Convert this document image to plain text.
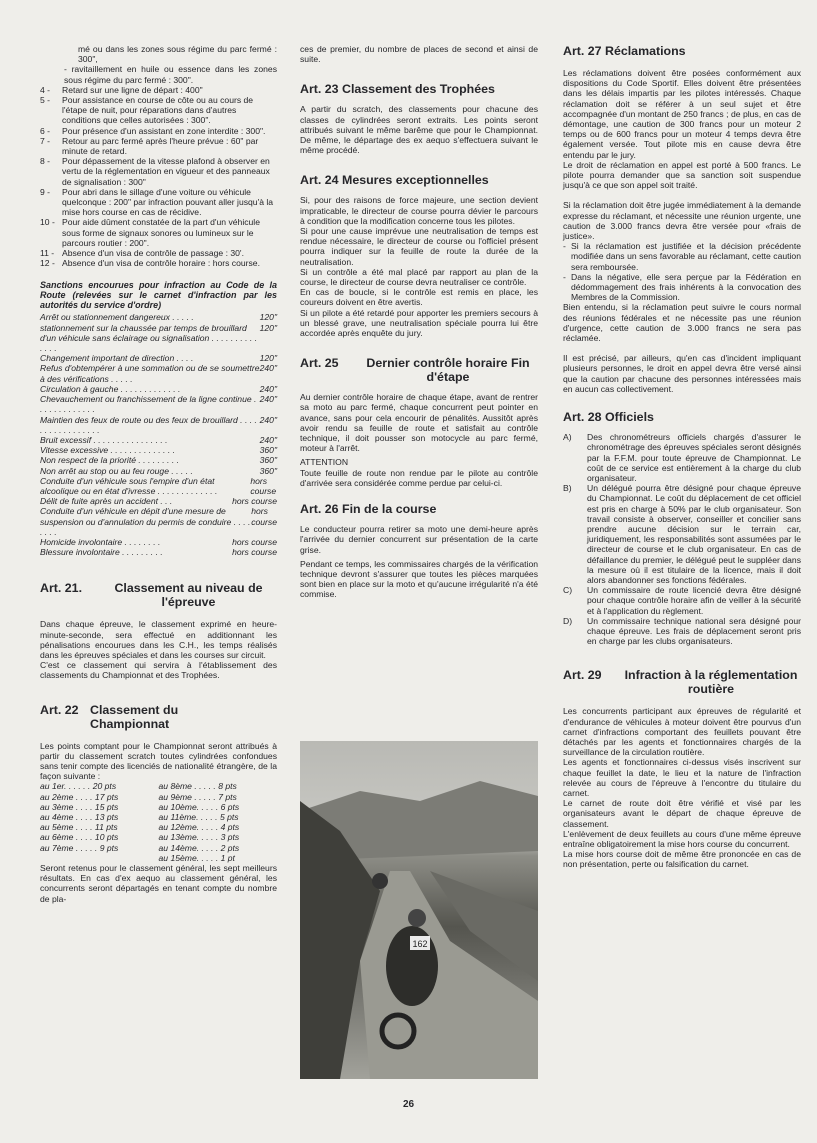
mé ou dans les zones sous régime du parc fermé : 300",

- ravitaillement en huile ou essence dans les zones sous régime du parc fermé : 300".

4 -	Retard sur une ligne de départ : 400"
5 -	Pour assistance en course de côte ou au cours de l'étape de nuit, pour réparations dans d'autres conditions que celles autorisées : 300".
6 -	Pour présence d'un assistant en zone interdite : 300".
7 -	Retour au parc fermé après l'heure prévue : 60" par minute de retard.
8 -	Pour dépassement de la vitesse plafond à observer en vertu de la réglementation en vigueur et des panneaux de signalisation : 300"
9 -	Pour abri dans le sillage d'une voiture ou véhicule quelconque : 200" par infraction pouvant aller jusqu'à la mise hors course en cas de récidive.
10 - Pour aide dûment constatée de la part d'un véhicule sous forme de signaux sonores ou lumineux sur le parcours routier : 200".
11 - Absence d'un visa de contrôle de passage : 30'.
12 - Absence d'un visa de contrôle horaire : hors course.

Sanctions encourues pour infraction au Code de la Route (relevées sur le carnet d'infraction par les autorités du service d'ordre)

Arrêt ou stationnement dangereux . . . . .	120"
stationnement sur la chaussée par temps de brouillard d'un véhicule sans éclairage ou signalisation . . . . . . . . . . . . . .
120"
Changement important de direction . . . .	120"
Refus d'obtempérer à une sommation ou de se soumettre à des vérifications . . . . .
240"
Circulation à gauche . . . . . . . . . . . . .	240"
Chevauchement ou franchissement de la ligne continue . . . . . . . . . . . . .
240"
Maintien des feux de route ou des feux de brouillard . . . . . . . . . . . . . . . . .
240"
Bruit excessif . . . . . . . . . . . . . . . .	240"
Vitesse excessive . . . . . . . . . . . . . .	360"
Non respect de la priorité . . . . . . . . .	360"
Non arrêt au stop ou au feu rouge . . . . .	360"
Conduite d'un véhicule sous l'empire d'un état alcoolique ou en état d'ivresse . . . . . . . . . . . . .
hors course
Délit de fuite après un accident . . .	hors course
Conduite d'un véhicule en dépit d'une mesure de suspension ou d'annulation du permis de conduire . . . . . . . .
hors course
Homicide involontaire . . . . . . . .	hors course
Blessure involontaire . . . . . . . . .	hors course
Art. 21.	Classement au niveau de l'épreuve

Dans chaque épreuve, le classement exprimé en heure-minute-seconde, sera effectué en additionnant les pénalisations encourues dans les C.H., les temps réalisés dans les épreuves spéciales et dans les courses sur circuit.

C'est ce classement qui servira à l'établissement des classements du Championnat et des Trophées.

Art. 22 Classement du Championnat

Les points comptant pour le Championnat seront attribués à partir du classement scratch toutes cylindrées confondues sans tenir compte des licenciés de nationalité étrangère, de la façon suivante :

au 1er. . . . . . 20 pts	au 8ème . . . . . 8 pts
au 2ème . . . . 17 pts	au 9ème . . . . . 7 pts
au 3ème . . . . 15 pts	au 10ème. . . . . 6 pts
au 4ème . . . . 13 pts	au 11ème. . . . . 5 pts
au 5ème . . . . 11 pts	au 12ème. . . . . 4 pts
au 6ème . . . . 10 pts	au 13ème. . . . . 3 pts
au 7ème . . . . . 9 pts	au 14ème. . . . . 2 pts
au 15ème. . . . . 1 pt

Seront retenus pour le classement général, les sept meilleurs résultats. En cas d'ex aequo au classement général, les concurrents seront départagés en tenant compte du nombre de pla-

ces de premier, du nombre de places de second et ainsi de suite.

Art. 23 Classement des Trophées

A partir du scratch, des classements pour chacune des classes de cylindrées seront extraits. Les points seront attribués suivant le même barême que pour le Championnat. De même, le départage des ex aequo s'effectuera suivant le même procédé.

Art. 24 Mesures exceptionnelles

Si, pour des raisons de force majeure, une section devient impraticable, le directeur de course pourra dévier le parcours à condition que la modification concerne tous les pilotes.

Si pour une cause imprévue une neutralisation de temps est rendue nécessaire, le directeur de course ou l'officiel présent pourra indiquer sur la feuille de route la durée de la neutralisation.

Si un contrôle a été mal placé par rapport au plan de la course, le directeur de course devra neutraliser ce contrôle.

En cas de boucle, si le contrôle est remis en place, les coureurs doivent en être avertis.

Si un pilote a été retardé pour apporter les premiers secours à un blessé grave, une neutralisation spéciale pourra lui être accordée après enquête du jury.

Art. 25	Dernier contrôle horaire Fin d'étape

Au dernier contrôle horaire de chaque étape, avant de rentrer sa moto au parc fermé, chaque concurrent peut pointer en avance, sans pour cela encourir de pénalités. Aussitôt après avoir rendu sa feuille de route et satisfait au contrôle technique, il doit pousser son motocycle au parc fermé, moteur à l'arrêt.

ATTENTION

Toute feuille de route non rendue par le pilote au contrôle d'arrivée sera considérée comme perdue par celui-ci.

Art. 26 Fin de la course

Le conducteur pourra retirer sa moto une demi-heure après l'arrivée du dernier concurrent sur présentation de la carte grise.

Pendant ce temps, les commissaires chargés de la vérification technique devront s'assurer que toutes les pièces marquées sont bien en place sur la moto et qu'aucune irrégularité n'a été commise.

162

Art. 27 Réclamations

Les réclamations doivent être posées conformément aux dispositions du Code Sportif. Elles doivent être présentées dans les délais impartis par les pilotes intéressés. Chaque réclamation doit se référer à un seul sujet et être accompagnée d'un montant de 250 francs ; de plus, en cas de démontage, une caution de 300 francs pour un moteur 2 temps ou de 600 francs pour un moteur 4 temps devra être également versée. Tout pilote mis en cause devra être entendu par le jury.

Le droit de réclamation en appel est porté à 500 francs. Le pilote pourra demander que sa sanction soit suspendue jusqu'à ce que son appel soit traité.

Si la réclamation doit être jugée immédiatement à la demande expresse du réclamant, et nécessite une réunion urgente, une caution de 3.000 francs devra être versée pour «frais de justice».

- Si la réclamation est justifiée et la décision précédente modifiée dans un sens favorable au réclamant, cette caution sera remboursée.

- Dans la négative, elle sera perçue par la Fédération en dédommagement des frais inhérents à la convocation des Membres de la Commission.

Bien entendu, si la réclamation peut suivre le cours normal des réunions fédérales et ne nécessite pas une réunion d'urgence, cette caution de 3.000 francs ne sera pas réclamée.

Il est précisé, par ailleurs, qu'en cas d'incident impliquant plusieurs personnes, le droit en appel devra être versé ainsi que la caution par chacune des personnes intéressées mais en aucun cas collectivement.

Art. 28 Officiels

A)	Des chronométreurs officiels chargés d'assurer le chronométrage des épreuves spéciales seront désignés par la F.F.M. pour toute épreuve de Championnat. Le coût de ce service est entièrement à la charge du club organisateur.

B)	Un délégué pourra être désigné pour chaque épreuve du Championnat. Le coût du déplacement de cet officiel est pris en charge à 50% par le club organisateur. Son travail consiste à observer, conseiller et concilier sans prendre aucune décision sur le terrain car, juridiquement, les responsabilités sont assumées par le directeur de course et le club organisateur. En cas de défaillance du premier, le délégué peut le suppléer dans la mesure où il est titulaire de la licence, mais il doit alors abandonner ses fonctions fédérales.

C)	Un commissaire de route licencié devra être désigné pour chaque contrôle horaire afin de veiller à la sécurité et à l'application du règlement.

D)	Un commissaire technique national sera désigné pour chaque épreuve. Les frais de déplacement seront pris en charge par les clubs organisateurs.

Art. 29	Infraction à la réglementation routière

Les concurrents participant aux épreuves de régularité et d'endurance de véhicules à moteur doivent être pourvus d'un carnet d'infractions comportant des feuillets pouvant être détachés par les agents et fonctionnaires chargés de la surveillance de la circulation routière.

Les agents et fonctionnaires ci-dessus visés inscrivent sur chaque feuillet la date, le lieu et la nature de l'infraction relevée au cours de l'épreuve à l'encontre du titulaire du carnet.

Le carnet de route doit être vérifié et visé par les organisateurs avant le départ de chaque épreuve de classement.

L'enlèvement de deux feuillets au cours d'une même épreuve entraîne obligatoirement la mise hors course du concurrent.

La mise hors course doit de même être prononcée en cas de non présentation, perte ou falsification du carnet.

26
